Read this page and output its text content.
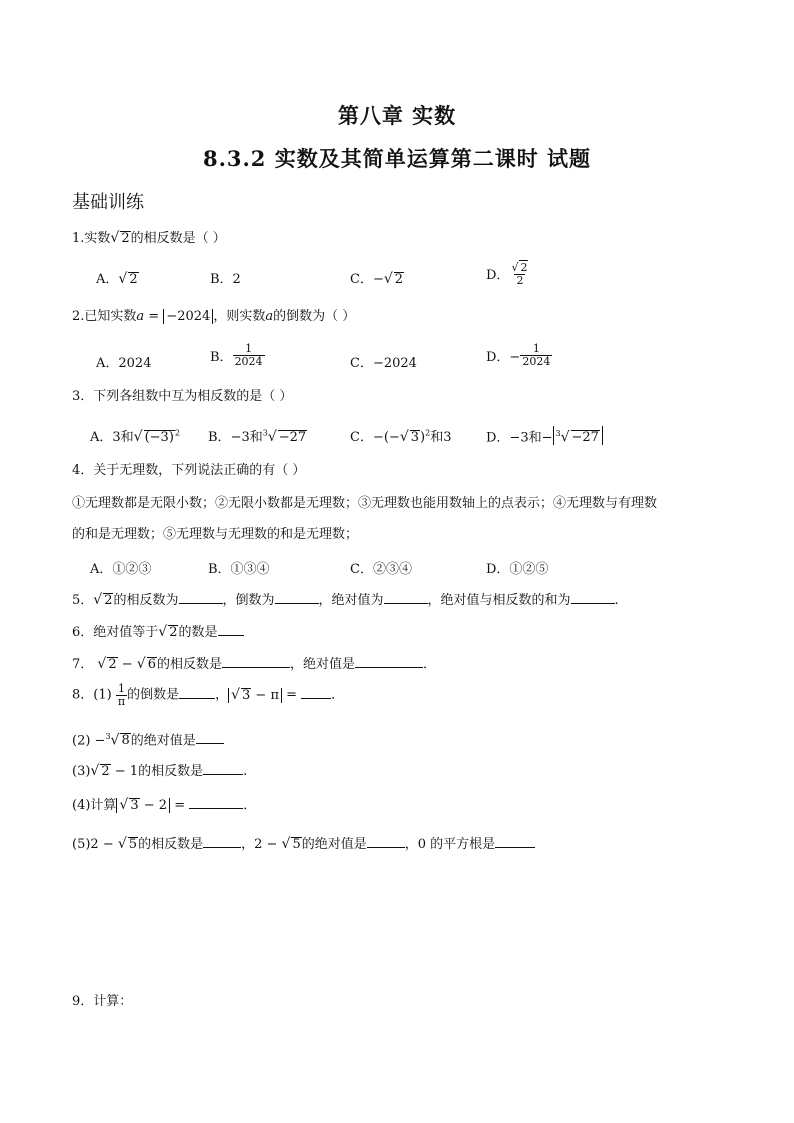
第八章 实数
8.3.2 实数及其简单运算第二课时 试题
基础训练
1.实数√ 2的相反数是（ ）
A．√ 2	B．2	C．−√ 2	D． $\frac{√ 2}{2}$
2.已知实数a = −2024 ，则实数a的倒数为（ ）
A．2024	B． $\frac{1}{2024}$	C．−2024	D．− $\frac{1}{2024}$
3．下列各组数中互为相反数的是（ ）
A．3和√ $(-3)^2$ B．−3和$^3$√ −27	C．−(−√ 3)$^2$和3	D．−3和− $^3$√ −27
4．关于无理数，下列说法正确的有（ ）
①无理数都是无限小数；②无限小数都是无理数；③无理数也能用数轴上的点表示；④无理数与有理数
的和是无理数；⑤无理数与无理数的和是无理数；
A．①②③	B．①③④	C．②③④	D．①②⑤
5．√ 2的相反数为	，倒数为	，绝对值为	，绝对值与相反数的和为	.
6．绝对值等于√ 2的数是
7． √ 2 − √ 6的相反数是	，绝对值是	．
8．$(1) \frac{1}{\pi}$ 的倒数是	， √ 3 − π = ．
(2) −$^3$√ 8的绝对值是
(3)√ 2 − 1的相反数是	.
(4)计算 √ 3 − 2 =	．
(5)2 − √ 5的相反数是	，2 − √ 5的绝对值是	，0 的平方根是
9．计算：
